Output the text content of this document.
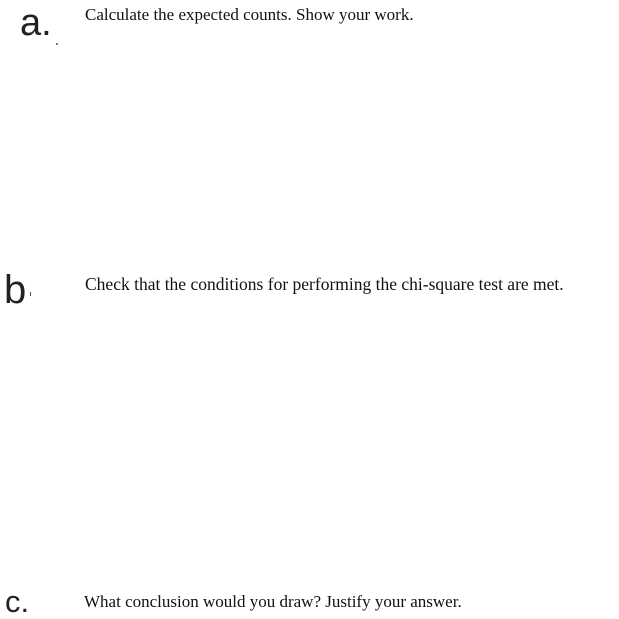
a. Calculate the expected counts. Show your work.
b	Check that the conditions for performing the chi-square test are met.
c.	What conclusion would you draw? Justify your answer.
